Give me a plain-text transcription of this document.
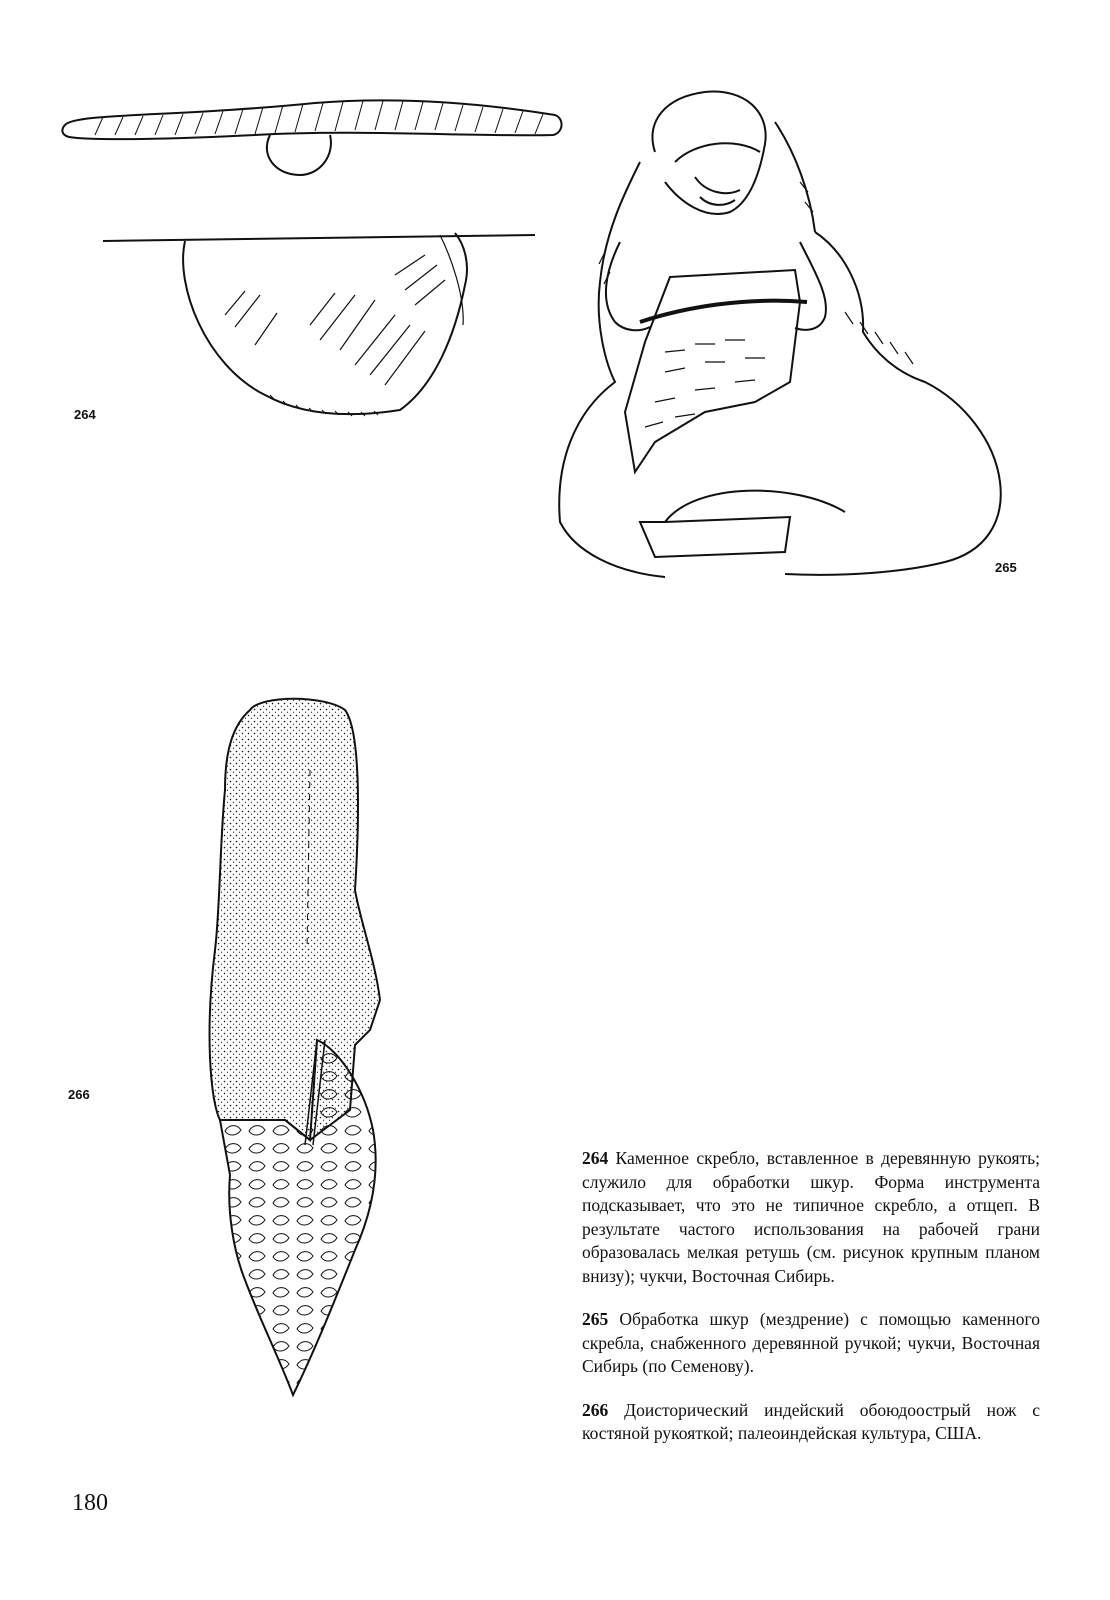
264
265
266

264 Каменное скребло, вставленное в деревянную рукоять; служило для обработки шкур. Форма инструмента подсказывает, что это не типичное скребло, а отщеп. В результате частого использования на рабочей грани образовалась мелкая ретушь (см. рисунок крупным планом внизу); чукчи, Восточная Сибирь.

265 Обработка шкур (мездрение) с помощью каменного скребла, снабженного деревянной ручкой; чукчи, Восточная Сибирь (по Семенову).

266 Доисторический индейский обоюдоострый нож с костяной рукояткой; палеоиндейская культура, США.

180
